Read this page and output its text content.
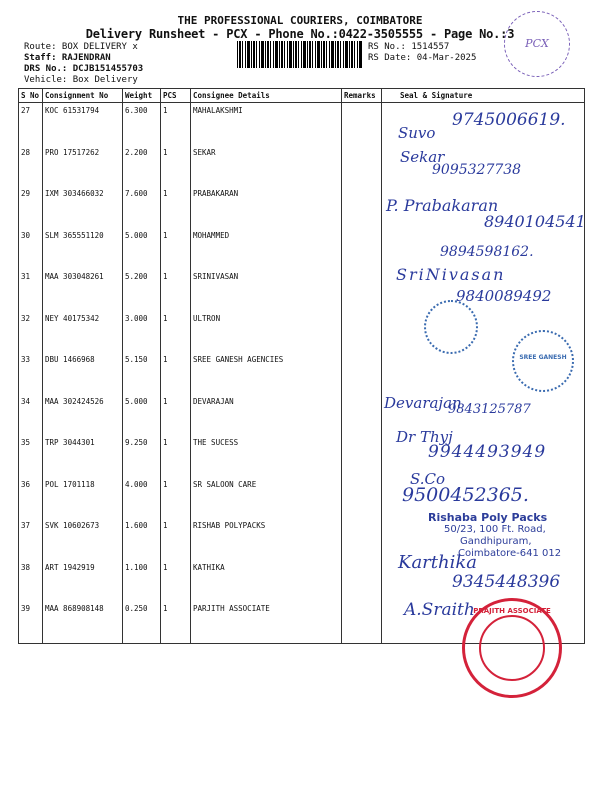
THE PROFESSIONAL COURIERS, COIMBATORE
Delivery Runsheet - PCX - Phone No.:0422-3505555 - Page No.:3
Route: BOX DELIVERY x
Staff: RAJENDRAN
DRS No.: DCJB151455703
Vehicle: Box Delivery
RS No.: 1514557
RS Date: 04-Mar-2025
PCX
S No	Consignment No	Weight	PCS	Consignee Details	Remarks	Seal & Signature
27	KOC 61531794	6.300	1	MAHALAKSHMI		
28	PRO 17517262	2.200	1	SEKAR		
29	IXM 303466032	7.600	1	PRABAKARAN		
30	SLM 365551120	5.000	1	MOHAMMED		
31	MAA 303048261	5.200	1	SRINIVASAN		
32	NEY 40175342	3.000	1	ULTRON		
33	DBU 1466968	5.150	1	SREE GANESH AGENCIES		
34	MAA 302424526	5.000	1	DEVARAJAN		
35	TRP 3044301	9.250	1	THE SUCESS		
36	POL 1701118	4.000	1	SR SALOON CARE		
37	SVK 10602673	1.600	1	RISHAB POLYPACKS		
38	ART 1942919	1.100	1	KATHIKA		
39	MAA 868908148	0.250	1	PARJITH ASSOCIATE		
9745006619.
Suvo
Sekar
9095327738
P. Prabakaran
8940104541
9894598162.
SriNivasan
9840089492
SREE GANESH
Devarajan
9843125787
Dr Thyj
9944493949
S.Co
9500452365.
Rishaba Poly Packs
50/23, 100 Ft. Road,
Gandhipuram,
Coimbatore-641 012
Karthika
9345448396
A.Sraith
PRAJITH ASSOCIATE
